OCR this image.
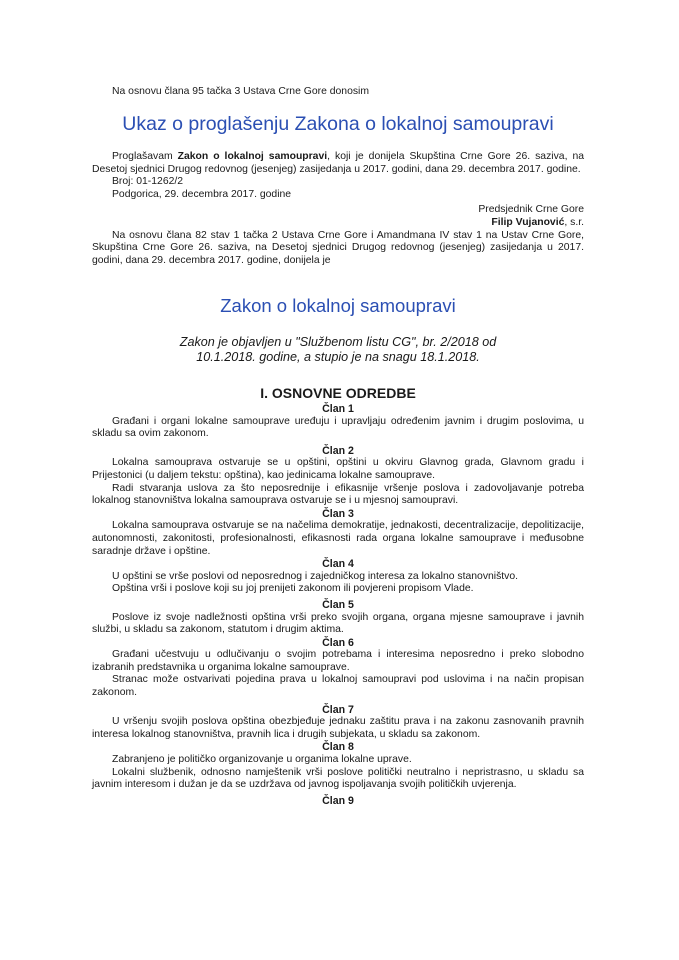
Na osnovu člana 95 tačka 3 Ustava Crne Gore donosim

Ukaz o proglašenju Zakona o lokalnoj samoupravi

Proglašavam Zakon o lokalnoj samoupravi, koji je donijela Skupština Crne Gore 26. saziva, na Desetoj sjednici Drugog redovnog (jesenjeg) zasijedanja u 2017. godini, dana 29. decembra 2017. godine.

Broj: 01-1262/2

Podgorica, 29. decembra 2017. godine

Predsjednik Crne Gore

Filip Vujanović, s.r.

Na osnovu člana 82 stav 1 tačka 2 Ustava Crne Gore i Amandmana IV stav 1 na Ustav Crne Gore, Skupština Crne Gore 26. saziva, na Desetoj sjednici Drugog redovnog (jesenjeg) zasijedanja u 2017. godini, dana 29. decembra 2017. godine, donijela je

Zakon o lokalnoj samoupravi

Zakon je objavljen u "Službenom listu CG", br. 2/2018 od 10.1.2018. godine, a stupio je na snagu 18.1.2018.

I. OSNOVNE ODREDBE

Član 1

Građani i organi lokalne samouprave uređuju i upravljaju određenim javnim i drugim poslovima, u skladu sa ovim zakonom.

Član 2

Lokalna samouprava ostvaruje se u opštini, opštini u okviru Glavnog grada, Glavnom gradu i Prijestonici (u daljem tekstu: opština), kao jedinicama lokalne samouprave.

Radi stvaranja uslova za što neposrednije i efikasnije vršenje poslova i zadovoljavanje potreba lokalnog stanovništva lokalna samouprava ostvaruje se i u mjesnoj samoupravi.

Član 3

Lokalna samouprava ostvaruje se na načelima demokratije, jednakosti, decentralizacije, depolitizacije, autonomnosti, zakonitosti, profesionalnosti, efikasnosti rada organa lokalne samouprave i međusobne saradnje države i opštine.

Član 4

U opštini se vrše poslovi od neposrednog i zajedničkog interesa za lokalno stanovništvo.

Opština vrši i poslove koji su joj prenijeti zakonom ili povjereni propisom Vlade.

Član 5

Poslove iz svoje nadležnosti opština vrši preko svojih organa, organa mjesne samouprave i javnih službi, u skladu sa zakonom, statutom i drugim aktima.

Član 6

Građani učestvuju u odlučivanju o svojim potrebama i interesima neposredno i preko slobodno izabranih predstavnika u organima lokalne samouprave.

Stranac može ostvarivati pojedina prava u lokalnoj samoupravi pod uslovima i na način propisan zakonom.

Član 7

U vršenju svojih poslova opština obezbjeđuje jednaku zaštitu prava i na zakonu zasnovanih pravnih interesa lokalnog stanovništva, pravnih lica i drugih subjekata, u skladu sa zakonom.

Član 8

Zabranjeno je političko organizovanje u organima lokalne uprave.

Lokalni službenik, odnosno namještenik vrši poslove politički neutralno i nepristrasno, u skladu sa javnim interesom i dužan je da se uzdržava od javnog ispoljavanja svojih političkih uvjerenja.

Član 9
